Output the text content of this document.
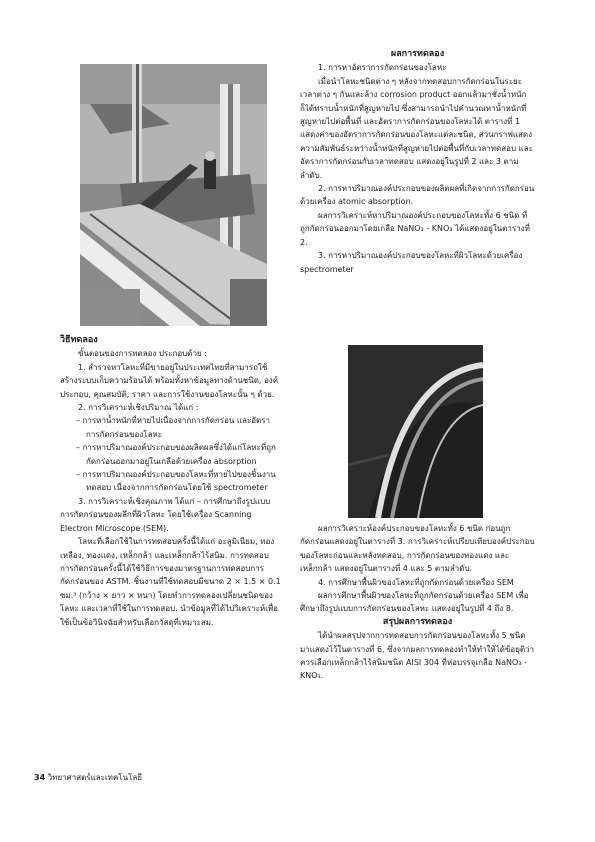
ผลการทดลอง

1. การหาอัตราการกัดกร่อนของโลหะ

เมื่อนำโลหะชนิดต่าง ๆ หลังจากทดสอบการกัดกร่อนในระยะเวลาต่าง ๆ กันและล้าง corrosion product ออกแล้วมาชั่งน้ำหนัก ก็ได้ทราบน้ำหนักที่สูญหายไป ซึ่งสามารถนำไปคำนวณหาน้ำหนักที่สูญหายไปต่อพื้นที่ และอัตราการกัดกร่อนของโลหะได้ ตารางที่ 1 แสดงค่าของอัตราการกัดกร่อนของโลหะแต่ละชนิด, ส่วนกราฟแสดงความสัมพันธ์ระหว่างน้ำหนักที่สูญหายไปต่อพื้นที่กับเวลาทดสอบ และอัตราการกัดกร่อนกับเวลาทดสอบ แสดงอยู่ในรูปที่ 2 และ 3 ตามลำดับ.

2. การหาปริมาณองค์ประกอบของผลิตผลที่เกิดจากการกัดกร่อนด้วยเครื่อง atomic absorption.

ผลการวิเคราะห์หาปริมาณองค์ประกอบของโลหะทั้ง 6 ชนิด ที่ถูกกัดกร่อนออกมาโดยเกลือ NaNO₃ - KNO₃ ได้แสดงอยู่ในตารางที่ 2.

3. การหาปริมาณองค์ประกอบของโลหะที่ผิวโลหะด้วยเครื่อง spectrometer

ผลการวิเคราะห์องค์ประกอบของโลหะทั้ง 6 ชนิด ก่อนถูกกัดกร่อนแสดงอยู่ในตารางที่ 3. การวิเคราะห์เปรียบเทียบองค์ประกอบของโลหะก่อนและหลังทดสอบ, การกัดกร่อนของทองแดง และเหล็กกล้า แสดงอยู่ในตารางที่ 4 และ 5 ตามลำดับ.

4. การศึกษาพื้นผิวของโลหะที่ถูกกัดกร่อนด้วยเครื่อง SEM

ผลการศึกษาพื้นผิวของโลหะที่ถูกกัดกร่อนด้วยเครื่อง SEM เพื่อศึกษาถึงรูปแบบการกัดกร่อนของโลหะ แสดงอยู่ในรูปที่ 4 ถึง 8.

สรุปผลการทดลอง

ได้นำผลสรุปจากการทดสอบการกัดกร่อนของโลหะทั้ง 5 ชนิด มาแสดงไว้ในตารางที่ 6, ซึ่งจากผลการทดลองทำให้ทำให้ได้ข้อยุติว่าควรเลือกเหล็กกล้าไร้สนิมชนิด AISI 304 ที่ห่อบรรจุเกลือ NaNO₃ - KNO₃.

วิธีทดลอง

ขั้นตอนของการทดลอง ประกอบด้วย :

1. สำรวจหาโลหะที่มีขายอยู่ในประเทศไทยที่สามารถใช้สร้างระบบเก็บความร้อนได้ พร้อมทั้งหาข้อมูลทางด้านชนิด, องค์ประกอบ, คุณสมบัติ, ราคา และการใช้งานของโลหะนั้น ๆ ด้วย.

2. การวิเคราะห์เชิงปริมาณ ได้แก่ :

– การหาน้ำหนักที่หายไปเนื่องจากการกัดกร่อน และอัตราการกัดกร่อนของโลหะ

– การหาปริมาณองค์ประกอบของผลิตผลซึ่งได้แก่โลหะที่ถูกกัดกร่อนออกมาอยู่ในเกลือด้วยเครื่อง absorption

– การหาปริมาณองค์ประกอบของโลหะที่หายไปของชิ้นงานทดสอบ เนื่องจากการกัดกร่อนโดยใช้ spectrometer

3. การวิเคราะห์เชิงคุณภาพ ได้แก่ – การศึกษาถึงรูปแบบการกัดกร่อนของผลึกที่ผิวโลหะ โดยใช้เครื่อง Scanning Electron Microscope (SEM).

โลหะที่เลือกใช้ในการทดสอบครั้งนี้ได้แก่ อะลูมิเนียม, ทองเหลือง, ทองแดง, เหล็กกล้า และเหล็กกล้าไร้สนิม. การทดสอบการกัดกร่อนครั้งนี้ได้ใช้วิธีการของมาตรฐานการทดสอบการกัดกร่อนของ ASTM. ชิ้นงานที่ใช้ทดสอบมีขนาด 2 × 1.5 × 0.1 ซม.³ (กว้าง × ยาว × หนา) โดยทำการทดลองเปลี่ยนชนิดของโลหะ และเวลาที่ใช้ในการทดสอบ. นำข้อมูลที่ได้ไปวิเคราะห์เพื่อใช้เป็นข้อวินิจฉัยสำหรับเลือกวัสดุที่เหมาะสม.

34 วิทยาศาสตร์และเทคโนโลยี
